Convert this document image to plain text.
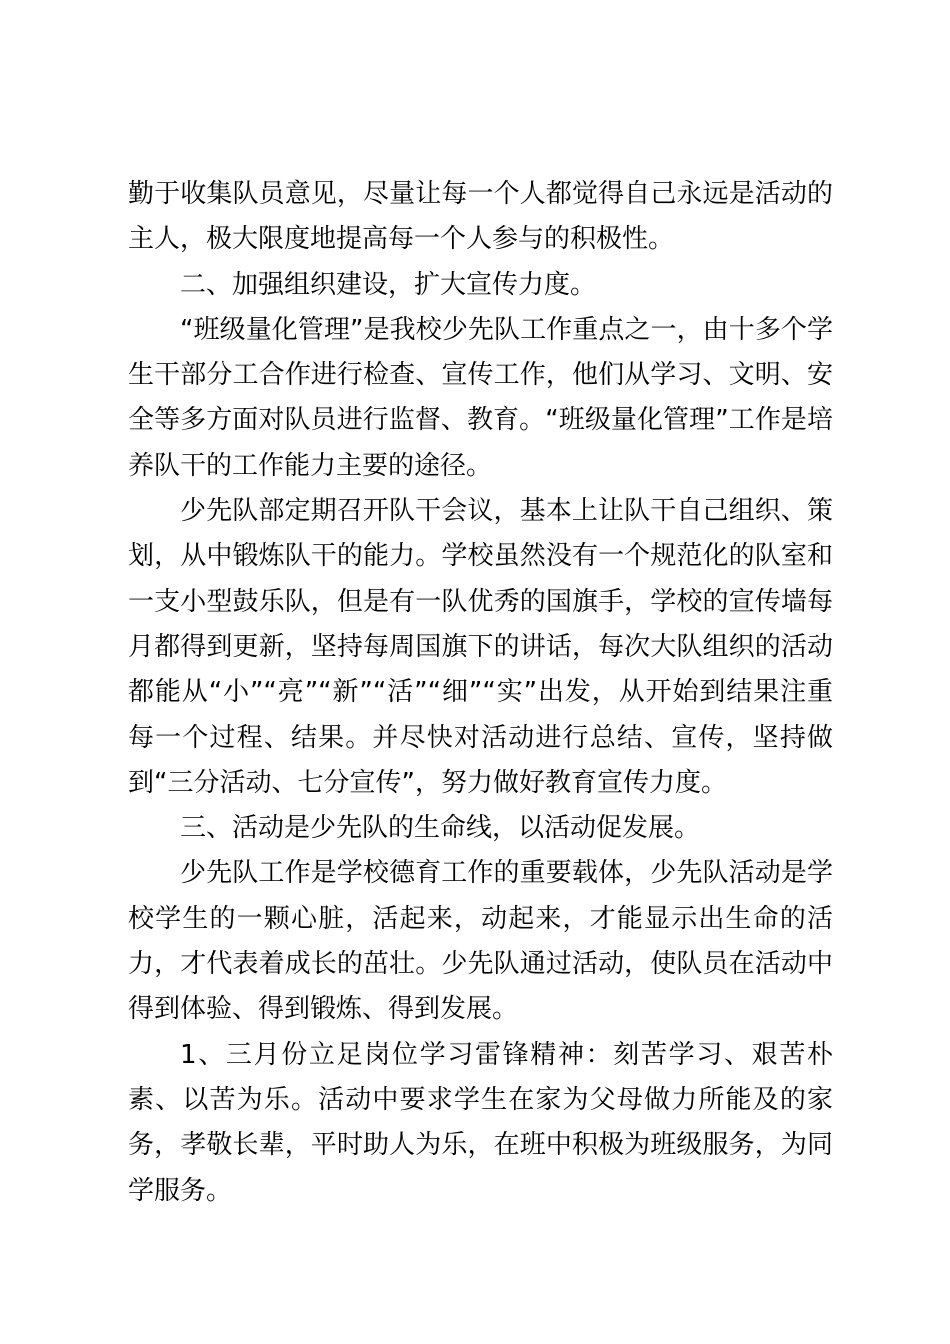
勤于收集队员意见，尽量让每一个人都觉得自己永远是活动的主人，极大限度地提高每一个人参与的积极性。

二、加强组织建设，扩大宣传力度。

“班级量化管理”是我校少先队工作重点之一，由十多个学生干部分工合作进行检查、宣传工作，他们从学习、文明、安全等多方面对队员进行监督、教育。“班级量化管理”工作是培养队干的工作能力主要的途径。

少先队部定期召开队干会议，基本上让队干自己组织、策划，从中锻炼队干的能力。学校虽然没有一个规范化的队室和一支小型鼓乐队，但是有一队优秀的国旗手，学校的宣传墙每月都得到更新，坚持每周国旗下的讲话，每次大队组织的活动都能从“小”“亮”“新”“活”“细”“实”出发，从开始到结果注重每一个过程、结果。并尽快对活动进行总结、宣传，坚持做到“三分活动、七分宣传”，努力做好教育宣传力度。

三、活动是少先队的生命线，以活动促发展。

少先队工作是学校德育工作的重要载体，少先队活动是学校学生的一颗心脏，活起来，动起来，才能显示出生命的活力，才代表着成长的茁壮。少先队通过活动，使队员在活动中得到体验、得到锻炼、得到发展。

1、三月份立足岗位学习雷锋精神：刻苦学习、艰苦朴素、以苦为乐。活动中要求学生在家为父母做力所能及的家务，孝敬长辈，平时助人为乐，在班中积极为班级服务，为同学服务。
